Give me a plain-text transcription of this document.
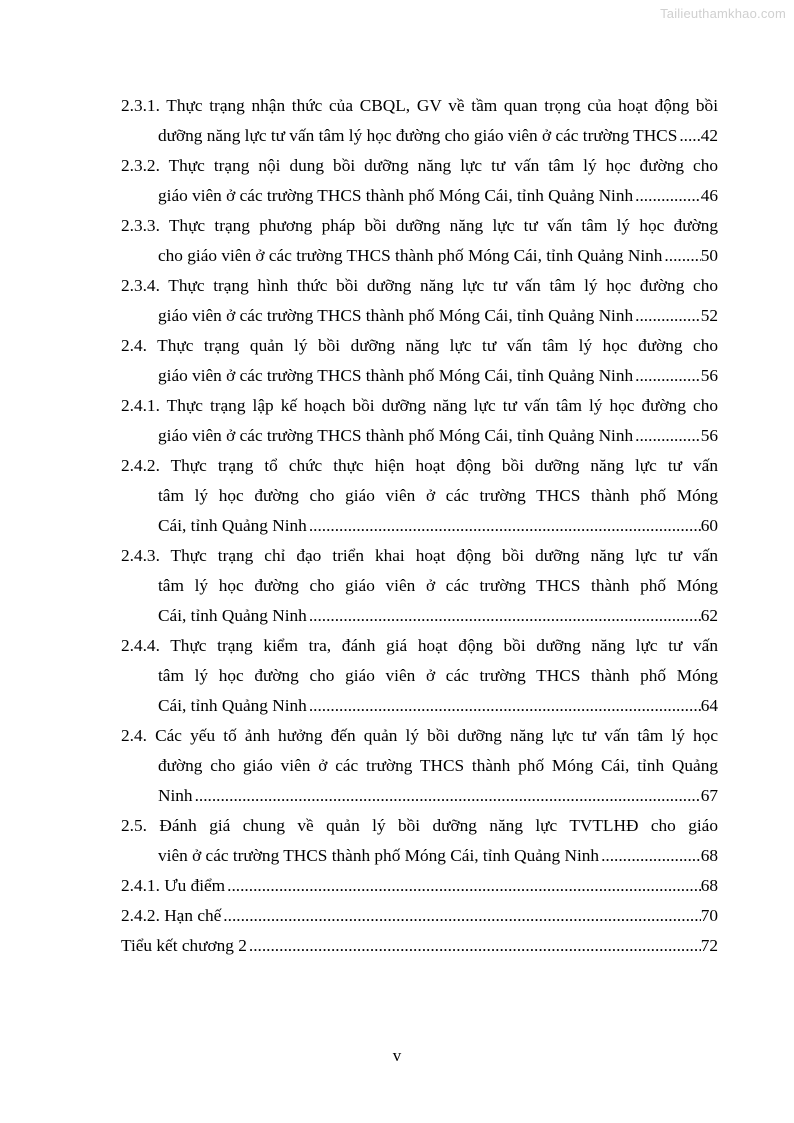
Tailieuthamkhao.com
2.3.1. Thực trạng nhận thức của CBQL, GV về tầm quan trọng của hoạt động bồi
dưỡng năng lực tư vấn tâm lý học đường cho giáo viên ở các trường THCS ..... 42
2.3.2. Thực trạng nội dung bồi dưỡng năng lực tư vấn tâm lý học đường cho
giáo viên ở các trường THCS thành phố Móng Cái, tỉnh Quảng Ninh .....	46
2.3.3. Thực trạng phương pháp bồi dưỡng năng lực tư vấn tâm lý học đường
cho giáo viên ở các trường THCS thành phố Móng Cái, tỉnh Quảng Ninh ..... 50
2.3.4. Thực trạng hình thức bồi dưỡng năng lực tư vấn tâm lý học đường cho
giáo viên ở các trường THCS thành phố Móng Cái, tỉnh Quảng Ninh .....	52
2.4. Thực trạng quản lý bồi dưỡng năng lực tư vấn tâm lý học đường cho
giáo viên ở các trường THCS thành phố Móng Cái, tỉnh Quảng Ninh .....	56
2.4.1. Thực trạng lập kế hoạch bồi dưỡng năng lực tư vấn tâm lý học đường cho
giáo viên ở các trường THCS thành phố Móng Cái, tỉnh Quảng Ninh .....	56
2.4.2. Thực trạng tổ chức thực hiện hoạt động bồi dưỡng năng lực tư vấn
tâm lý học đường cho giáo viên ở các trường THCS thành phố Móng
Cái, tỉnh Quảng Ninh .....	60
2.4.3. Thực trạng chỉ đạo triển khai hoạt động bồi dưỡng năng lực tư vấn
tâm lý học đường cho giáo viên ở các trường THCS thành phố Móng
Cái, tỉnh Quảng Ninh .....	62
2.4.4. Thực trạng kiểm tra, đánh giá hoạt động bồi dưỡng năng lực tư vấn
tâm lý học đường cho giáo viên ở các trường THCS thành phố Móng
Cái, tỉnh Quảng Ninh .....	64
2.4. Các yếu tố ảnh hưởng đến quản lý bồi dưỡng năng lực tư vấn tâm lý học
đường cho giáo viên ở các trường THCS thành phố Móng Cái, tỉnh Quảng
Ninh .....	67
2.5. Đánh giá chung về quản lý bồi dưỡng năng lực TVTLHĐ cho giáo
viên ở các trường THCS thành phố Móng Cái, tỉnh Quảng Ninh .....	68
2.4.1. Ưu điểm .....	68
2.4.2. Hạn chế .....	70
Tiểu kết chương 2 .....	72
v
